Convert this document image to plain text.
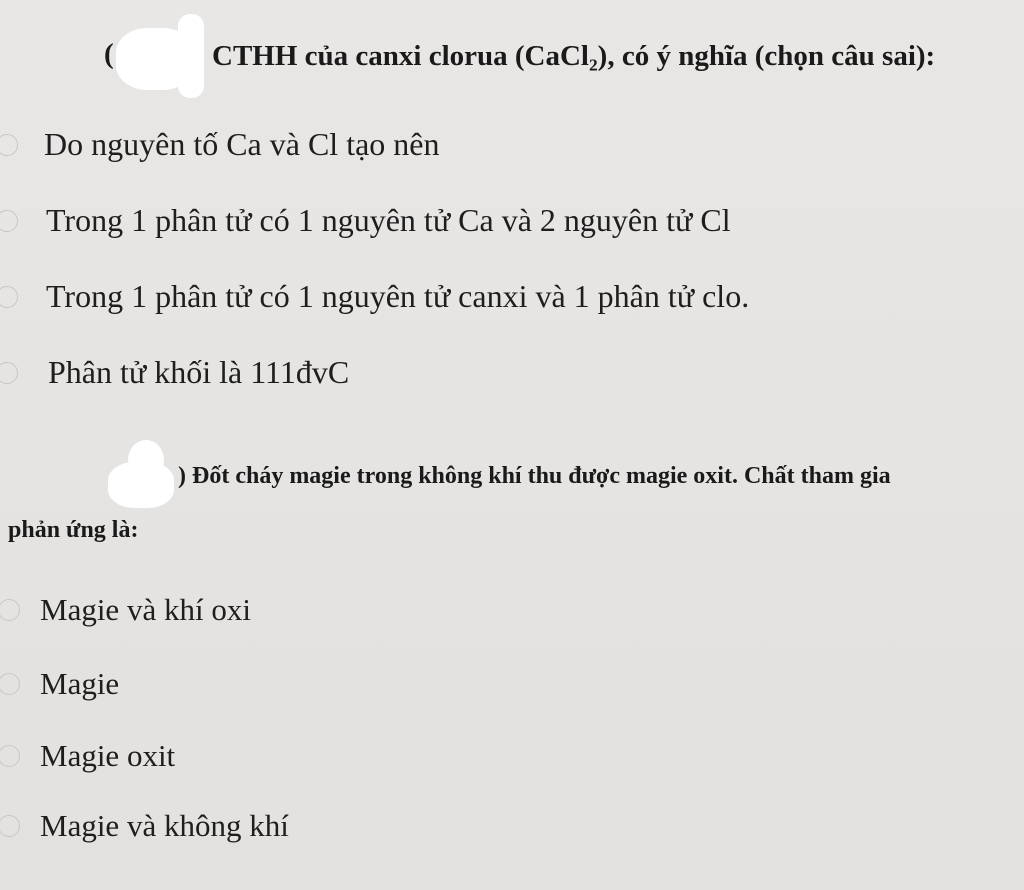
(	CTHH của canxi clorua (CaCl₂), có ý nghĩa (chọn câu sai):
Do nguyên tố Ca và Cl tạo nên
Trong 1 phân tử có 1 nguyên tử Ca và 2 nguyên tử Cl
Trong 1 phân tử có 1 nguyên tử canxi và 1 phân tử clo.
Phân tử khối là 111đvC
) Đốt cháy magie trong không khí thu được magie oxit. Chất tham gia
phản ứng là:
Magie và khí oxi
Magie
Magie oxit
Magie và không khí
